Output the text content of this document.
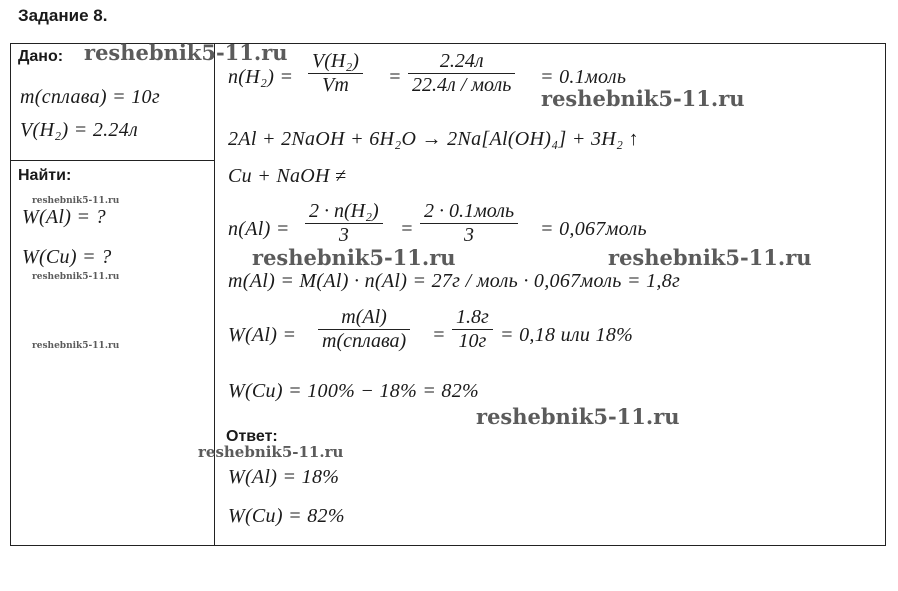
Задание 8.
Дано:
m(сплава) = 10г
V(H₂) = 2.24л
Найти:
W(Al) = ?
W(Cu) = ?
n(H₂) =
V(H₂)
Vm	=
2.24л
22.4л / моль = 0.1моль
2Al + 2NaOH + 6H₂O → 2Na[Al(OH)₄] + 3H₂ ↑
Cu + NaOH ≠
n(Al) =
2 · n(H₂)
3	=
2 · 0.1моль
3	= 0,067моль
m(Al) = M(Al) · n(Al) = 27г / моль · 0,067моль = 1,8г
W(Al) =
m(Al)
m(сплава) =
1.8г
10г = 0,18 или 18%
W(Cu) = 100% − 18% = 82%
Ответ:
W(Al) = 18%
W(Cu) = 82%
reshebnik5-11.ru
reshebnik5-11.ru
reshebnik5-11.ru	reshebnik5-11.ru
reshebnik5-11.ru
reshebnik5-11.ru
reshebnik5-11.ru
reshebnik5-11.ru
reshebnik5-11.ru
